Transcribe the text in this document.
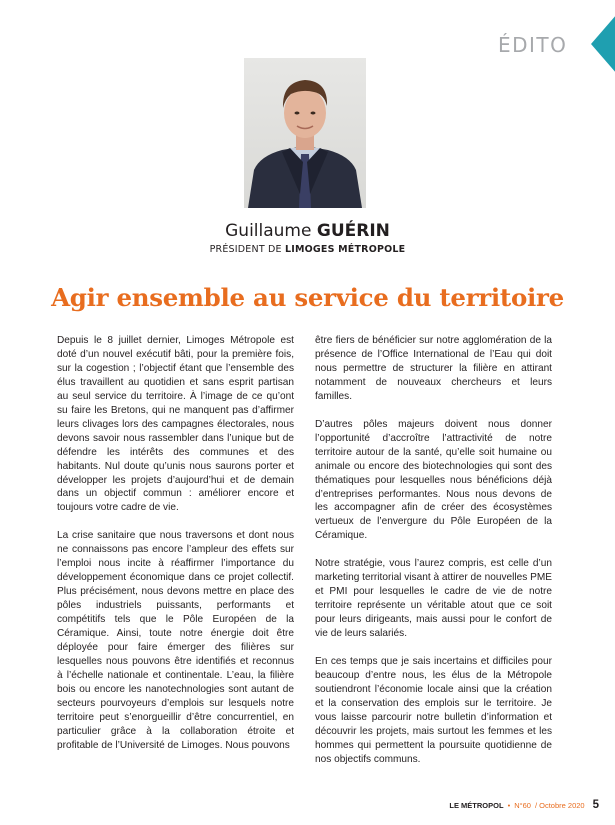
ÉDITO
Guillaume GUÉRIN
PRÉSIDENT DE LIMOGES MÉTROPOLE
Agir ensemble au service du territoire

Depuis le 8 juillet dernier, Limoges Métropole est doté d’un nouvel exécutif bâti, pour la première fois, sur la cogestion ; l’objectif étant que l’ensemble des élus travaillent au quotidien et sans esprit partisan au seul service du territoire. À l’image de ce qu’ont su faire les Bretons, qui ne manquent pas d’affirmer leurs clivages lors des campagnes électorales, nous devons savoir nous rassembler dans l’unique but de défendre les intérêts des communes et des habitants. Nul doute qu’unis nous saurons porter et développer les projets d’aujourd’hui et de demain dans un objectif commun : améliorer encore et toujours votre cadre de vie.

La crise sanitaire que nous traversons et dont nous ne connaissons pas encore l’ampleur des effets sur l’emploi nous incite à réaffirmer l’importance du développement économique dans ce projet collectif. Plus précisément, nous devons mettre en place des pôles industriels puissants, performants et compétitifs tels que le Pôle Européen de la Céramique. Ainsi, toute notre énergie doit être déployée pour faire émerger des filières sur lesquelles nous pouvons être identifiés et reconnus à l’échelle nationale et continentale. L’eau, la filière bois ou encore les nanotechnologies sont autant de secteurs pourvoyeurs d’emplois sur lesquels notre territoire peut s’enorgueillir d’être concurrentiel, en particulier grâce à la collaboration étroite et profitable de l’Université de Limoges. Nous pouvons

être fiers de bénéficier sur notre agglomération de la présence de l’Office International de l’Eau qui doit nous permettre de structurer la filière en attirant notamment de nouveaux chercheurs et leurs familles.

D’autres pôles majeurs doivent nous donner l’opportunité d’accroître l’attractivité de notre territoire autour de la santé, qu’elle soit humaine ou animale ou encore des biotechnologies qui sont des thématiques pour lesquelles nous bénéficions déjà d’entreprises performantes. Nous nous devons de les accompagner afin de créer des écosystèmes vertueux de l’envergure du Pôle Européen de la Céramique.

Notre stratégie, vous l’aurez compris, est celle d’un marketing territorial visant à attirer de nouvelles PME et PMI pour lesquelles le cadre de vie de notre territoire représente un véritable atout que ce soit pour leurs dirigeants, mais aussi pour le confort de vie de leurs salariés.

En ces temps que je sais incertains et difficiles pour beaucoup d’entre nous, les élus de la Métropole soutiendront l’économie locale ainsi que la création et la conservation des emplois sur le territoire. Je vous laisse parcourir notre bulletin d’information et découvrir les projets, mais surtout les femmes et les hommes qui permettent la poursuite quotidienne de nos objectifs communs.

LE MÉTROPOL • N°60 / Octobre 2020 5
